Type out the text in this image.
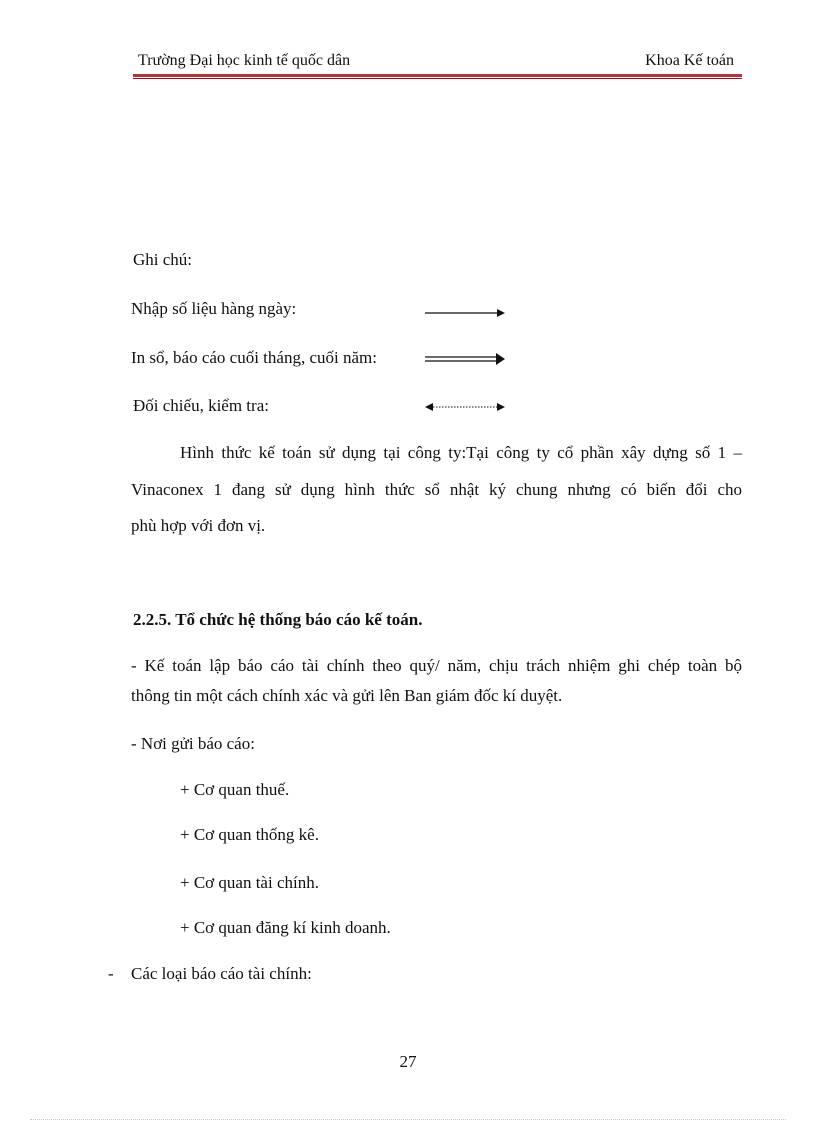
Trường Đại học kinh tế quốc dân	Khoa Kế toán
Ghi chú:
Nhập số liệu hàng ngày:
In sổ, báo cáo cuối tháng, cuối năm:
Đối chiếu, kiểm tra:
Hình thức kế toán sử dụng tại công ty:Tại công ty cổ phần xây dựng số 1 –
Vinaconex 1 đang sử dụng hình thức sổ nhật ký chung nhưng có biến đổi cho
phù hợp với đơn vị.
2.2.5. Tổ chức hệ thống báo cáo kế toán.
- Kế toán lập báo cáo tài chính theo quý/ năm, chịu trách nhiệm ghi chép toàn bộ
thông tin một cách chính xác và gửi lên Ban giám đốc kí duyệt.
- Nơi gửi báo cáo:
+ Cơ quan thuế.
+ Cơ quan thống kê.
+ Cơ quan tài chính.
+ Cơ quan đăng kí kinh doanh.
- Các loại báo cáo tài chính:
27
